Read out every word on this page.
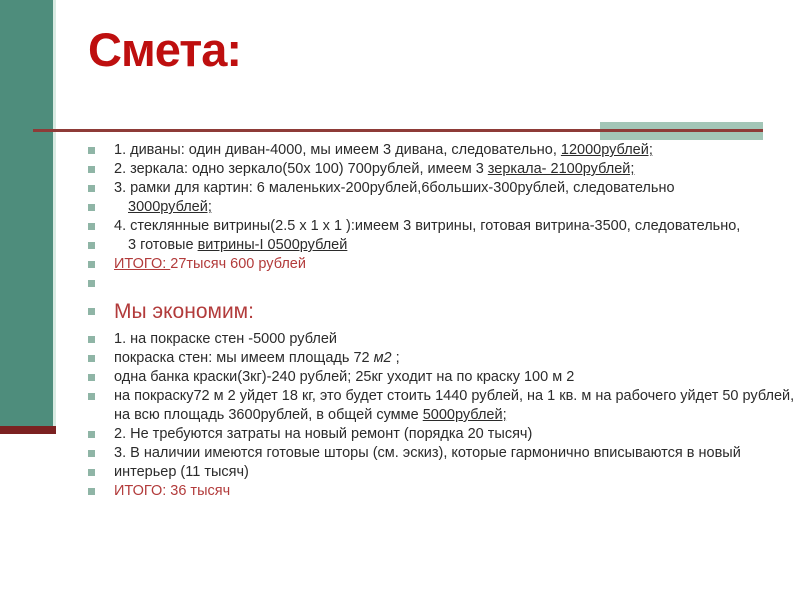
Смета:
1. диваны: один диван-4000, мы имеем 3 дивана, следовательно, 12000рублей;
2. зеркала: одно зеркало(50x 100) 700рублей, имеем 3 зеркала- 2100рублей;
3. рамки для картин: 6 маленьких-200рублей,6больших-300рублей, следовательно
3000рублей;
4. стеклянные витрины(2.5 х 1 х 1 ):имеем 3 витрины, готовая витрина-3500, следовательно,
3 готовые витрины-I 0500рублей
ИТОГО: 27тысяч 600 рублей

Мы экономим:
1. на покраске стен -5000 рублей
покраска стен: мы имеем площадь 72 м2 ;
одна банка краски(3кг)-240 рублей; 25кг уходит на по краску 100 м 2
на покраску72 м 2 уйдет 18 кг, это будет стоить 1440 рублей, на 1 кв. м на рабочего уйдет 50 рублей,
на всю площадь 3600рублей, в общей сумме 5000рублей;
2. Не требуются затраты на новый ремонт (порядка 20 тысяч)
3. В наличии имеются готовые шторы (см. эскиз), которые гармонично вписываются в новый
интерьер (11 тысяч)
ИТОГО: 36 тысяч
